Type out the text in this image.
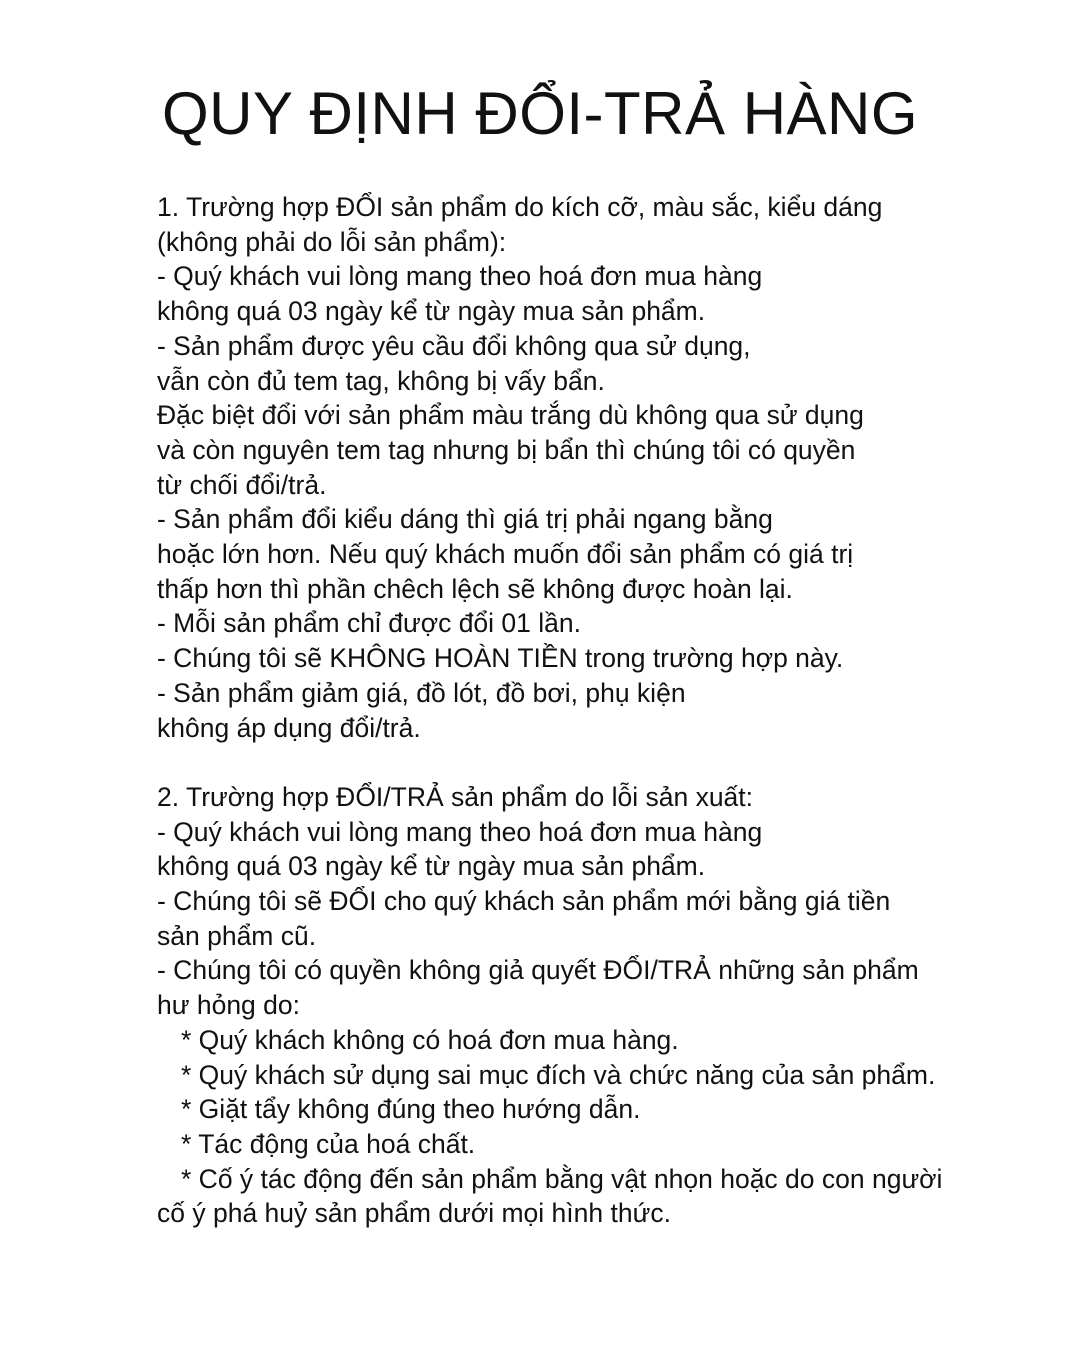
QUY ĐỊNH ĐỔI-TRẢ HÀNG

1. Trường hợp ĐỔI sản phẩm do kích cỡ, màu sắc, kiểu dáng

(không phải do lỗi sản phẩm):

- Quý khách vui lòng mang theo hoá đơn mua hàng

không quá 03 ngày kể từ ngày mua sản phẩm.

- Sản phẩm được yêu cầu đổi không qua sử dụng,

vẫn còn đủ tem tag, không bị vấy bẩn.

Đặc biệt đổi với sản phẩm màu trắng dù không qua sử dụng

và còn nguyên tem tag nhưng bị bẩn thì chúng tôi có quyền

từ chối đổi/trả.

- Sản phẩm đổi kiểu dáng thì giá trị phải ngang bằng

hoặc lớn hơn. Nếu quý khách muốn đổi sản phẩm có giá trị

thấp hơn thì phần chêch lệch sẽ không được hoàn lại.

- Mỗi sản phẩm chỉ được đổi 01 lần.

- Chúng tôi sẽ KHÔNG HOÀN TIỀN trong trường hợp này.

- Sản phẩm giảm giá, đồ lót, đồ bơi, phụ kiện

không áp dụng đổi/trả.

2. Trường hợp ĐỔI/TRẢ sản phẩm do lỗi sản xuất:

- Quý khách vui lòng mang theo hoá đơn mua hàng

không quá 03 ngày kể từ ngày mua sản phẩm.

- Chúng tôi sẽ ĐỔI cho quý khách sản phẩm mới bằng giá tiền

sản phẩm cũ.

- Chúng tôi có quyền không giả quyết ĐỔI/TRẢ những sản phẩm

hư hỏng do:

* Quý khách không có hoá đơn mua hàng.

* Quý khách sử dụng sai mục đích và chức năng của sản phẩm.

* Giặt tẩy không đúng theo hướng dẫn.

* Tác động của hoá chất.

* Cố ý tác động đến sản phẩm bằng vật nhọn hoặc do con người

cố ý phá huỷ sản phẩm dưới mọi hình thức.
